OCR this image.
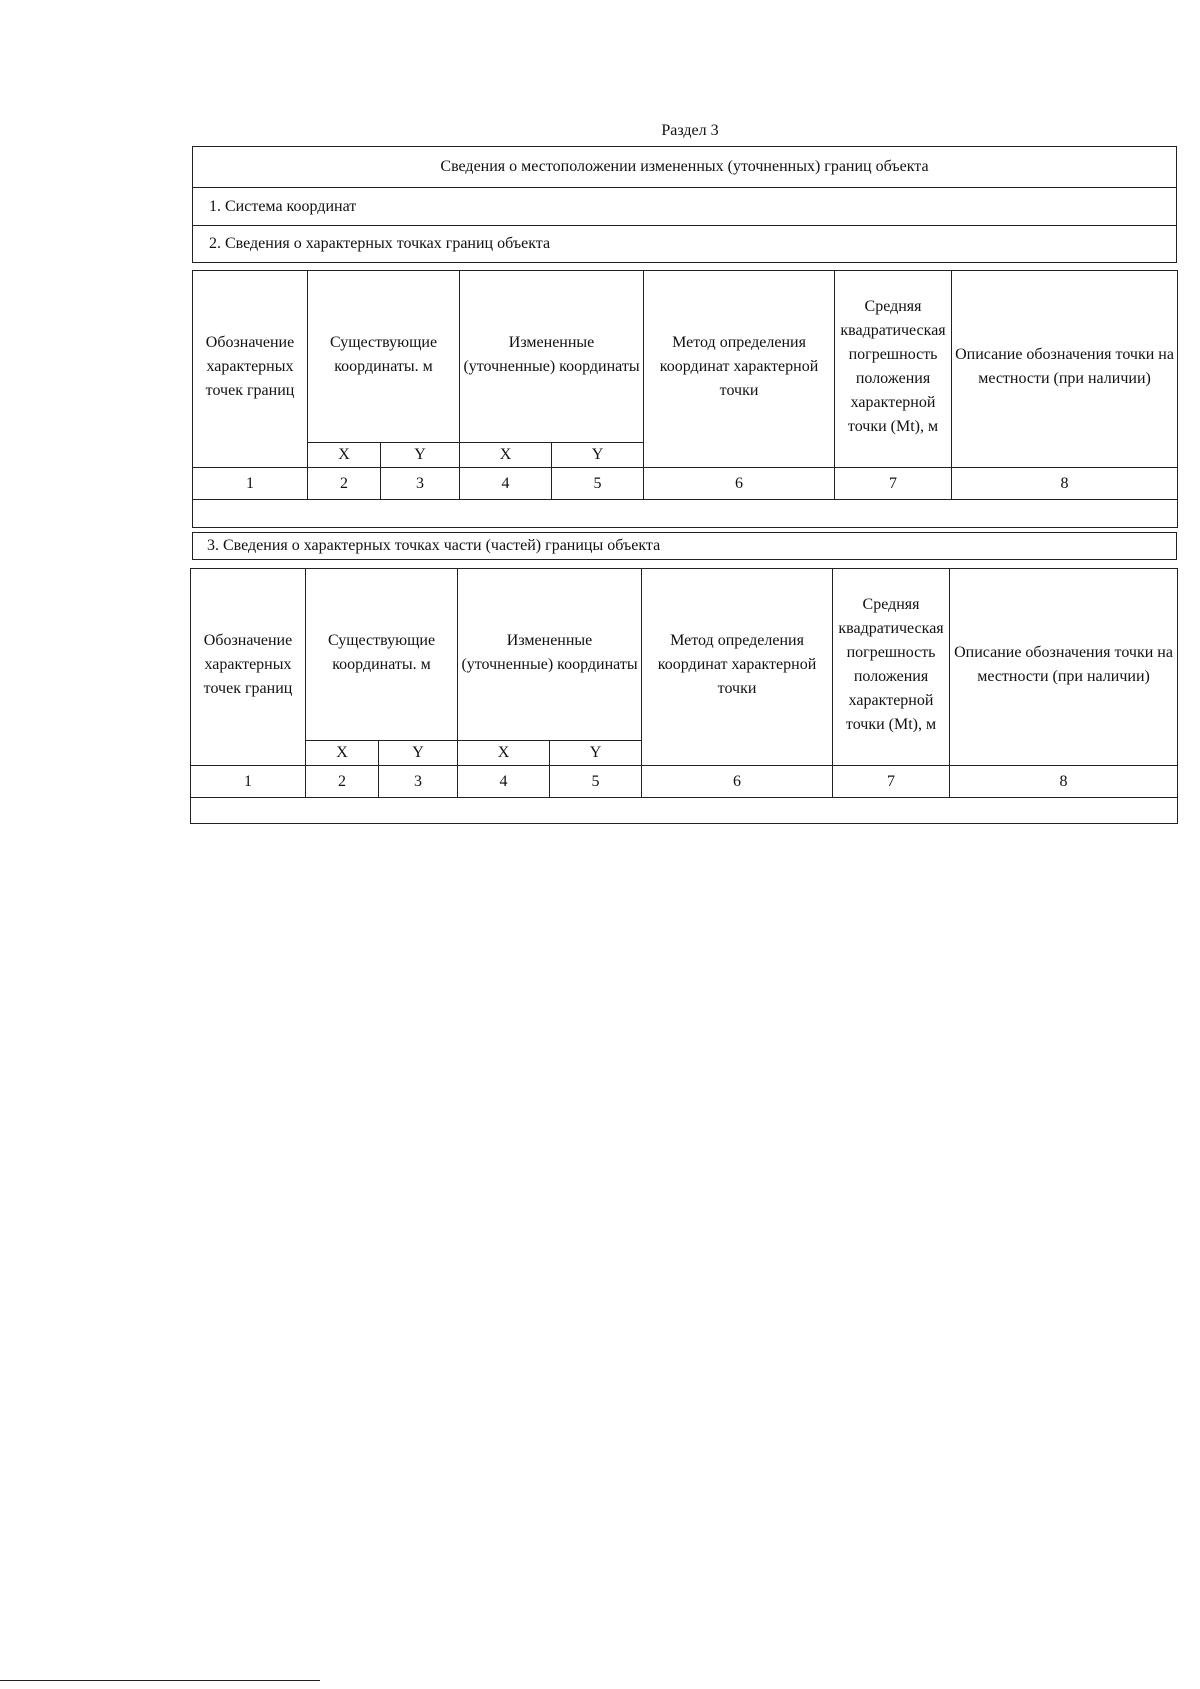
Раздел 3
Сведения о местоположении измененных (уточненных) границ объекта
1. Система координат
2. Сведения о характерных точках границ объекта
Обозначение характерных точек границ	Существующие координаты. м		Измененные (уточненные) координаты		Метод определения координат характерной точки	Средняя квадратическая погрешность положения характерной точки (Mt), м	Описание обозначения точки на местности (при наличии)
	X	Y	X	Y			
1	2	3	4	5	6	7	8

3. Сведения о характерных точках части (частей) границы объекта
Обозначение характерных точек границ	Существующие координаты. м		Измененные (уточненные) координаты		Метод определения координат характерной точки	Средняя квадратическая погрешность положения характерной точки (Mt), м	Описание обозначения точки на местности (при наличии)
	X	Y	X	Y			
1	2	3	4	5	6	7	8
